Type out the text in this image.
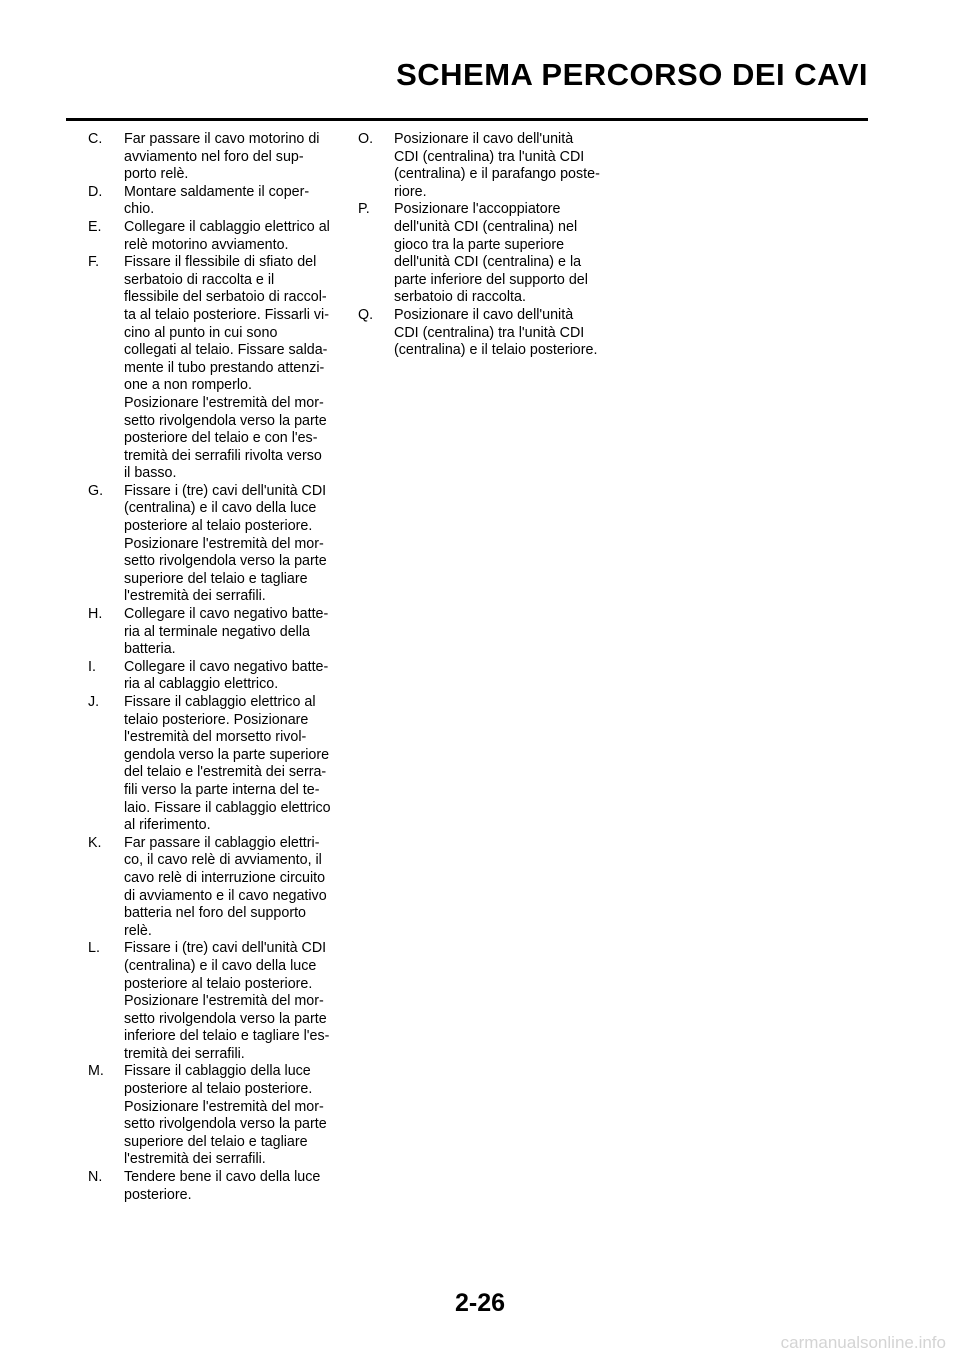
SCHEMA PERCORSO DEI CAVI
C.	Far passare il cavo motorino di
avviamento nel foro del sup-
porto relè.
D.	Montare saldamente il coper-
chio.
E.	Collegare il cablaggio elettrico al
relè motorino avviamento.
F.	Fissare il flessibile di sfiato del
serbatoio di raccolta e il
flessibile del serbatoio di raccol-
ta al telaio posteriore. Fissarli vi-
cino al punto in cui sono
collegati al telaio. Fissare salda-
mente il tubo prestando attenzi-
one a non romperlo.
Posizionare l'estremità del mor-
setto rivolgendola verso la parte
posteriore del telaio e con l'es-
tremità dei serrafili rivolta verso
il basso.
G.	Fissare i (tre) cavi dell'unità CDI
(centralina) e il cavo della luce
posteriore al telaio posteriore.
Posizionare l'estremità del mor-
setto rivolgendola verso la parte
superiore del telaio e tagliare
l'estremità dei serrafili.
H.	Collegare il cavo negativo batte-
ria al terminale negativo della
batteria.
I.	Collegare il cavo negativo batte-
ria al cablaggio elettrico.
J.	Fissare il cablaggio elettrico al
telaio posteriore. Posizionare
l'estremità del morsetto rivol-
gendola verso la parte superiore
del telaio e l'estremità dei serra-
fili verso la parte interna del te-
laio. Fissare il cablaggio elettrico
al riferimento.
K.	Far passare il cablaggio elettri-
co, il cavo relè di avviamento, il
cavo relè di interruzione circuito
di avviamento e il cavo negativo
batteria nel foro del supporto
relè.
L.	Fissare i (tre) cavi dell'unità CDI
(centralina) e il cavo della luce
posteriore al telaio posteriore.
Posizionare l'estremità del mor-
setto rivolgendola verso la parte
inferiore del telaio e tagliare l'es-
tremità dei serrafili.
M.	Fissare il cablaggio della luce
posteriore al telaio posteriore.
Posizionare l'estremità del mor-
setto rivolgendola verso la parte
superiore del telaio e tagliare
l'estremità dei serrafili.
N.	Tendere bene il cavo della luce
posteriore.
O.	Posizionare il cavo dell'unità
CDI (centralina) tra l'unità CDI
(centralina) e il parafango poste-
riore.
P.	Posizionare l'accoppiatore
dell'unità CDI (centralina) nel
gioco tra la parte superiore
dell'unità CDI (centralina) e la
parte inferiore del supporto del
serbatoio di raccolta.
Q.	Posizionare il cavo dell'unità
CDI (centralina) tra l'unità CDI
(centralina) e il telaio posteriore.
2-26
carmanualsonline.info
